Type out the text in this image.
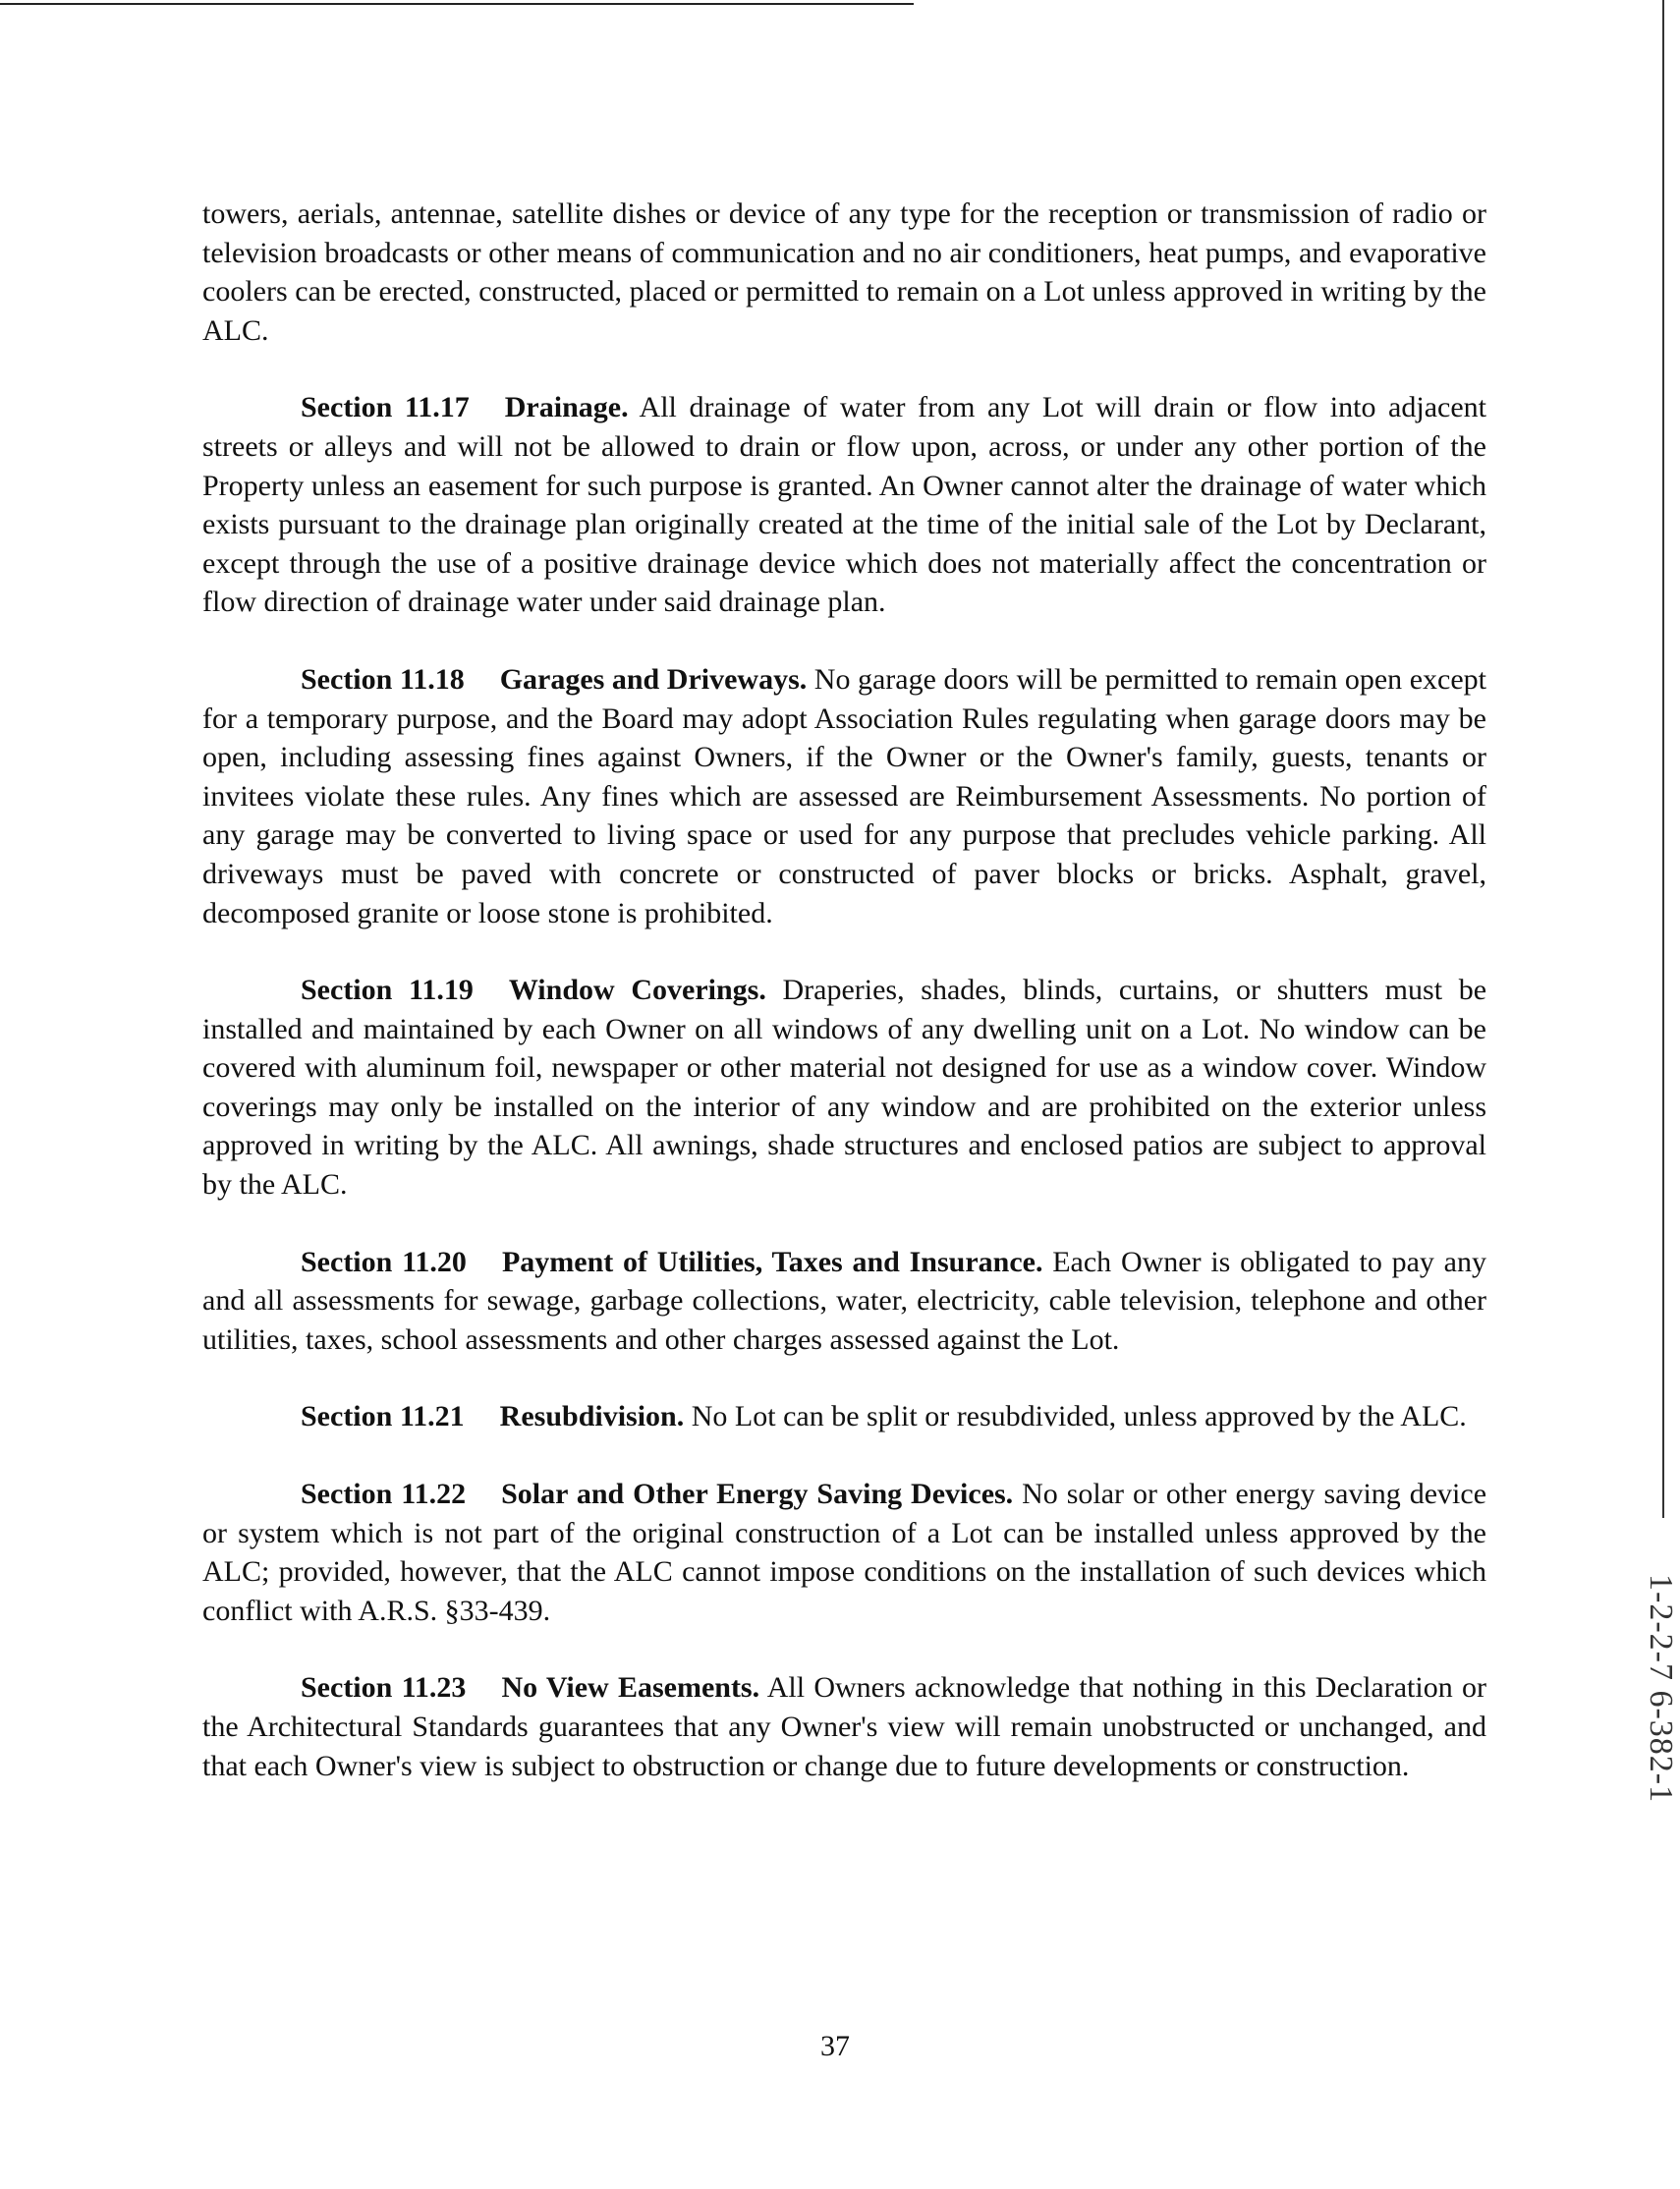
towers, aerials, antennae, satellite dishes or device of any type for the reception or transmission of radio or television broadcasts or other means of communication and no air conditioners, heat pumps, and evaporative coolers can be erected, constructed, placed or permitted to remain on a Lot unless approved in writing by the ALC.

Section 11.17 Drainage. All drainage of water from any Lot will drain or flow into adjacent streets or alleys and will not be allowed to drain or flow upon, across, or under any other portion of the Property unless an easement for such purpose is granted. An Owner cannot alter the drainage of water which exists pursuant to the drainage plan originally created at the time of the initial sale of the Lot by Declarant, except through the use of a positive drainage device which does not materially affect the concentration or flow direction of drainage water under said drainage plan.

Section 11.18 Garages and Driveways. No garage doors will be permitted to remain open except for a temporary purpose, and the Board may adopt Association Rules regulating when garage doors may be open, including assessing fines against Owners, if the Owner or the Owner's family, guests, tenants or invitees violate these rules. Any fines which are assessed are Reimbursement Assessments. No portion of any garage may be converted to living space or used for any purpose that precludes vehicle parking. All driveways must be paved with concrete or constructed of paver blocks or bricks. Asphalt, gravel, decomposed granite or loose stone is prohibited.

Section 11.19 Window Coverings. Draperies, shades, blinds, curtains, or shutters must be installed and maintained by each Owner on all windows of any dwelling unit on a Lot. No window can be covered with aluminum foil, newspaper or other material not designed for use as a window cover. Window coverings may only be installed on the interior of any window and are prohibited on the exterior unless approved in writing by the ALC. All awnings, shade structures and enclosed patios are subject to approval by the ALC.

Section 11.20 Payment of Utilities, Taxes and Insurance. Each Owner is obligated to pay any and all assessments for sewage, garbage collections, water, electricity, cable television, telephone and other utilities, taxes, school assessments and other charges assessed against the Lot.

Section 11.21 Resubdivision. No Lot can be split or resubdivided, unless approved by the ALC.

Section 11.22 Solar and Other Energy Saving Devices. No solar or other energy saving device or system which is not part of the original construction of a Lot can be installed unless approved by the ALC; provided, however, that the ALC cannot impose conditions on the installation of such devices which conflict with A.R.S. §33-439.

Section 11.23 No View Easements. All Owners acknowledge that nothing in this Declaration or the Architectural Standards guarantees that any Owner's view will remain unobstructed or unchanged, and that each Owner's view is subject to obstruction or change due to future developments or construction.

37
1-2-2-7 6-382-1
